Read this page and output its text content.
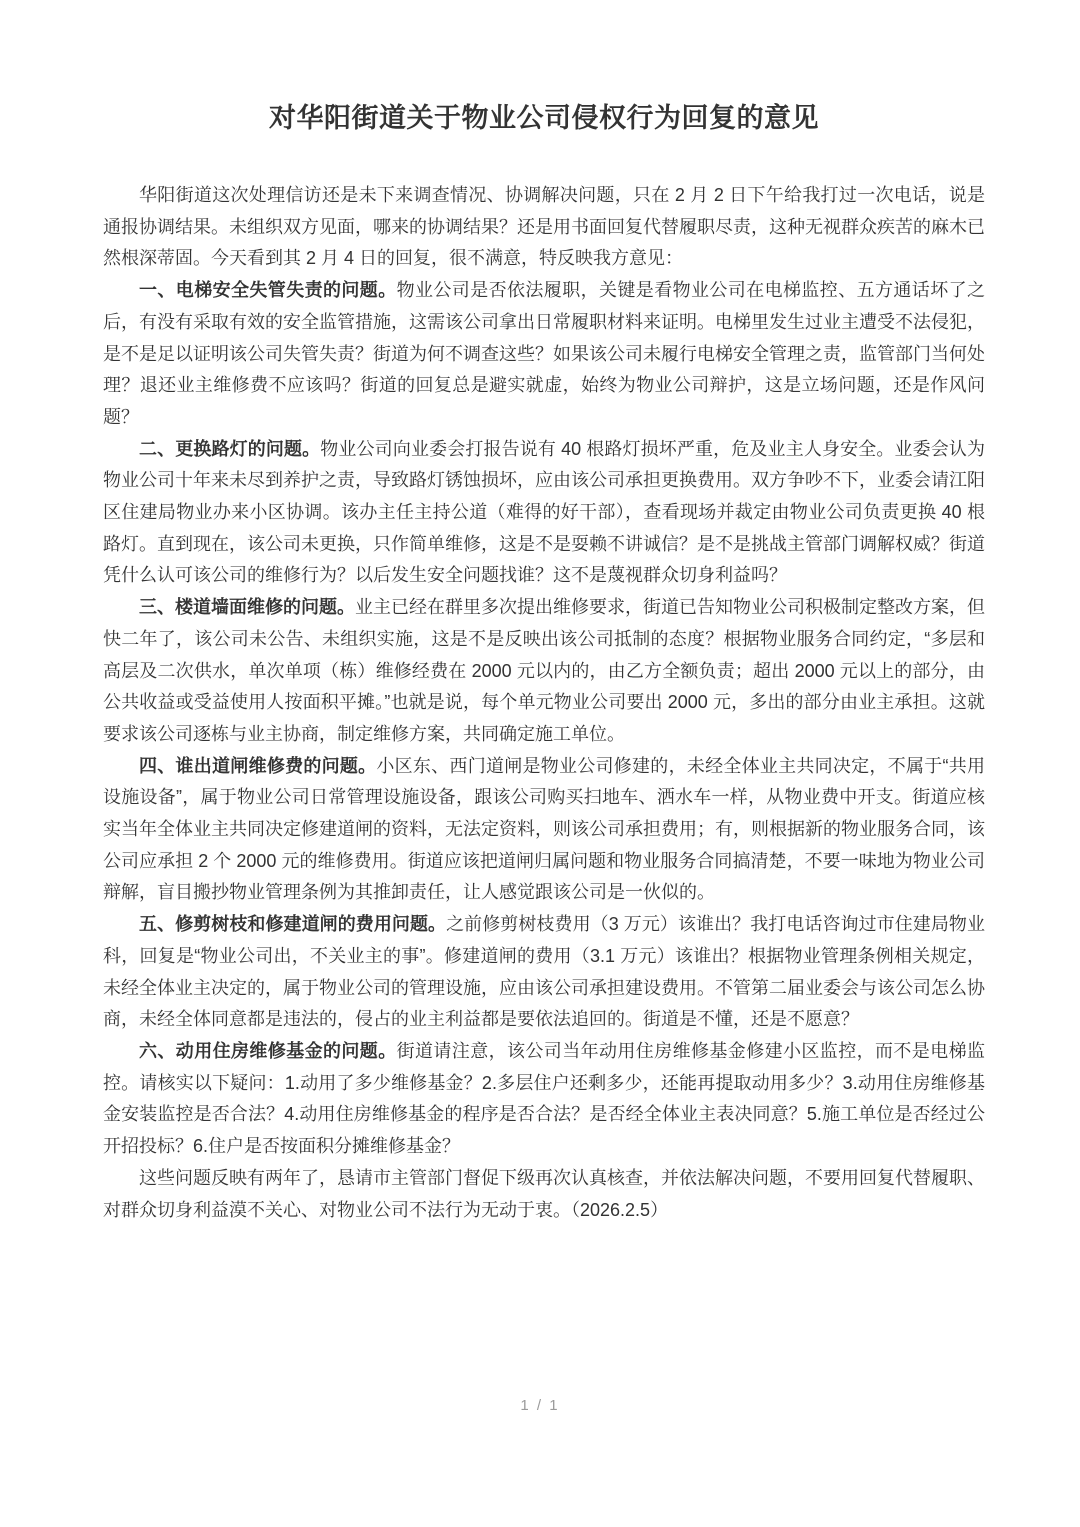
对华阳街道关于物业公司侵权行为回复的意见

华阳街道这次处理信访还是未下来调查情况、协调解决问题，只在 2 月 2 日下午给我打过一次电话，说是通报协调结果。未组织双方见面，哪来的协调结果？还是用书面回复代替履职尽责，这种无视群众疾苦的麻木已然根深蒂固。今天看到其 2 月 4 日的回复，很不满意，特反映我方意见：

一、电梯安全失管失责的问题。物业公司是否依法履职，关键是看物业公司在电梯监控、五方通话坏了之后，有没有采取有效的安全监管措施，这需该公司拿出日常履职材料来证明。电梯里发生过业主遭受不法侵犯，是不是足以证明该公司失管失责？街道为何不调查这些？如果该公司未履行电梯安全管理之责，监管部门当何处理？退还业主维修费不应该吗？街道的回复总是避实就虚，始终为物业公司辩护，这是立场问题，还是作风问题？

二、更换路灯的问题。物业公司向业委会打报告说有 40 根路灯损坏严重，危及业主人身安全。业委会认为物业公司十年来未尽到养护之责，导致路灯锈蚀损坏，应由该公司承担更换费用。双方争吵不下，业委会请江阳区住建局物业办来小区协调。该办主任主持公道（难得的好干部），查看现场并裁定由物业公司负责更换 40 根路灯。直到现在，该公司未更换，只作简单维修，这是不是耍赖不讲诚信？是不是挑战主管部门调解权威？街道凭什么认可该公司的维修行为？以后发生安全问题找谁？这不是蔑视群众切身利益吗？

三、楼道墙面维修的问题。业主已经在群里多次提出维修要求，街道已告知物业公司积极制定整改方案，但快二年了，该公司未公告、未组织实施，这是不是反映出该公司抵制的态度？根据物业服务合同约定，“多层和高层及二次供水，单次单项（栋）维修经费在 2000 元以内的，由乙方全额负责；超出 2000 元以上的部分，由公共收益或受益使用人按面积平摊。”也就是说，每个单元物业公司要出 2000 元，多出的部分由业主承担。这就要求该公司逐栋与业主协商，制定维修方案，共同确定施工单位。

四、谁出道闸维修费的问题。小区东、西门道闸是物业公司修建的，未经全体业主共同决定，不属于“共用设施设备”，属于物业公司日常管理设施设备，跟该公司购买扫地车、洒水车一样，从物业费中开支。街道应核实当年全体业主共同决定修建道闸的资料，无法定资料，则该公司承担费用；有，则根据新的物业服务合同，该公司应承担 2 个 2000 元的维修费用。街道应该把道闸归属问题和物业服务合同搞清楚，不要一味地为物业公司辩解，盲目搬抄物业管理条例为其推卸责任，让人感觉跟该公司是一伙似的。

五、修剪树枝和修建道闸的费用问题。之前修剪树枝费用（3 万元）该谁出？我打电话咨询过市住建局物业科，回复是“物业公司出，不关业主的事”。修建道闸的费用（3.1 万元）该谁出？根据物业管理条例相关规定，未经全体业主决定的，属于物业公司的管理设施，应由该公司承担建设费用。不管第二届业委会与该公司怎么协商，未经全体同意都是违法的，侵占的业主利益都是要依法追回的。街道是不懂，还是不愿意？

六、动用住房维修基金的问题。街道请注意，该公司当年动用住房维修基金修建小区监控，而不是电梯监控。请核实以下疑问：1.动用了多少维修基金？2.多层住户还剩多少，还能再提取动用多少？3.动用住房维修基金安装监控是否合法？4.动用住房维修基金的程序是否合法？是否经全体业主表决同意？5.施工单位是否经过公开招投标？6.住户是否按面积分摊维修基金？

这些问题反映有两年了，恳请市主管部门督促下级再次认真核查，并依法解决问题，不要用回复代替履职、对群众切身利益漠不关心、对物业公司不法行为无动于衷。（2026.2.5）

1 / 1
